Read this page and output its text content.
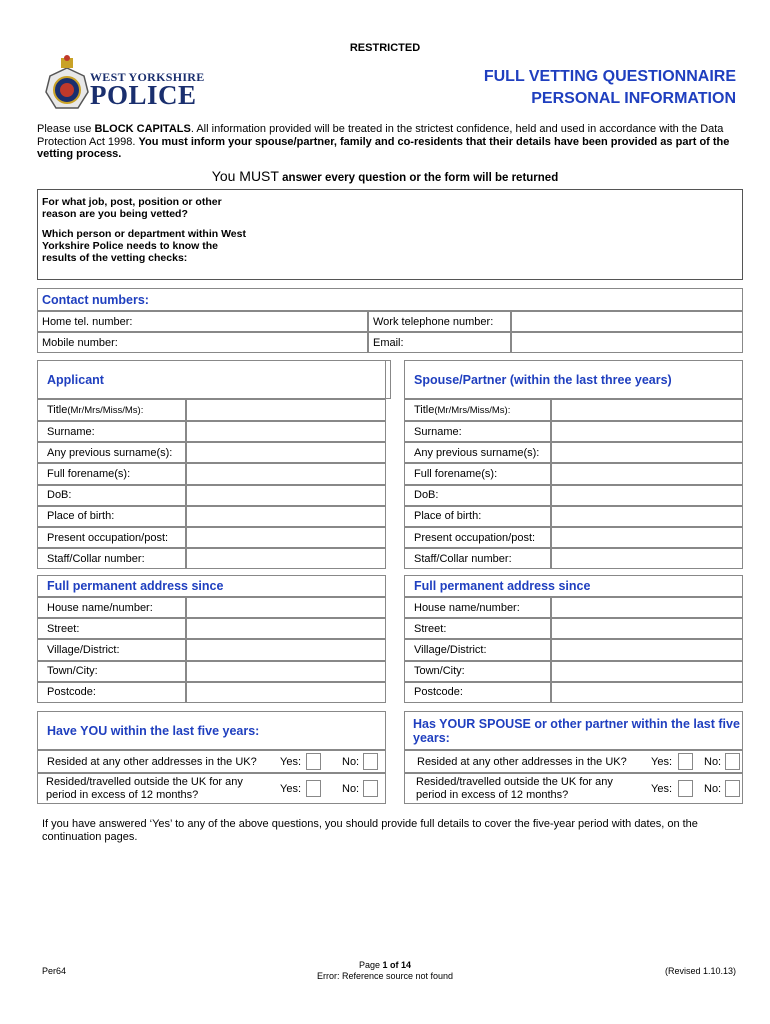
RESTRICTED
WEST YORKSHIRE
POLICE
FULL VETTING QUESTIONNAIRE
PERSONAL INFORMATION
Please use BLOCK CAPITALS. All information provided will be treated in the strictest confidence, held and used in accordance with the Data Protection Act 1998. You must inform your spouse/partner, family and co-residents that their details have been provided as part of the vetting process.
You MUST answer every question or the form will be returned
For what job, post, position or other reason are you being vetted?
Which person or department within West Yorkshire Police needs to know the results of the vetting checks:
Contact numbers:
Home tel. number:	Work telephone number:
Mobile number:	Email:
Applicant
Title (Mr/Mrs/Miss/Ms):
Surname:
Any previous surname(s):
Full forename(s):
DoB:
Place of birth:
Present occupation/post:
Staff/Collar number:
Full permanent address since
House name/number:
Street:
Village/District:
Town/City:
Postcode:
Spouse/Partner (within the last three years)
Title (Mr/Mrs/Miss/Ms):
Surname:
Any previous surname(s):
Full forename(s):
DoB:
Place of birth:
Present occupation/post:
Staff/Collar number:
Full permanent address since
House name/number:
Street:
Village/District:
Town/City:
Postcode:
Have YOU within the last five years:
Resided at any other addresses in the UK? Yes:	No:
Resided/travelled outside the UK for any period in excess of 12 months?	Yes:	No:
Has YOUR SPOUSE or other partner within the last five years:
Resided at any other addresses in the UK? Yes:	No:
Resided/travelled outside the UK for any period in excess of 12 months?	Yes:	No:
If you have answered ‘Yes’ to any of the above questions, you should provide full details to cover the five-year period with dates, on the continuation pages.
Per64
Page 1 of 14
Error: Reference source not found	(Revised 1.10.13)
